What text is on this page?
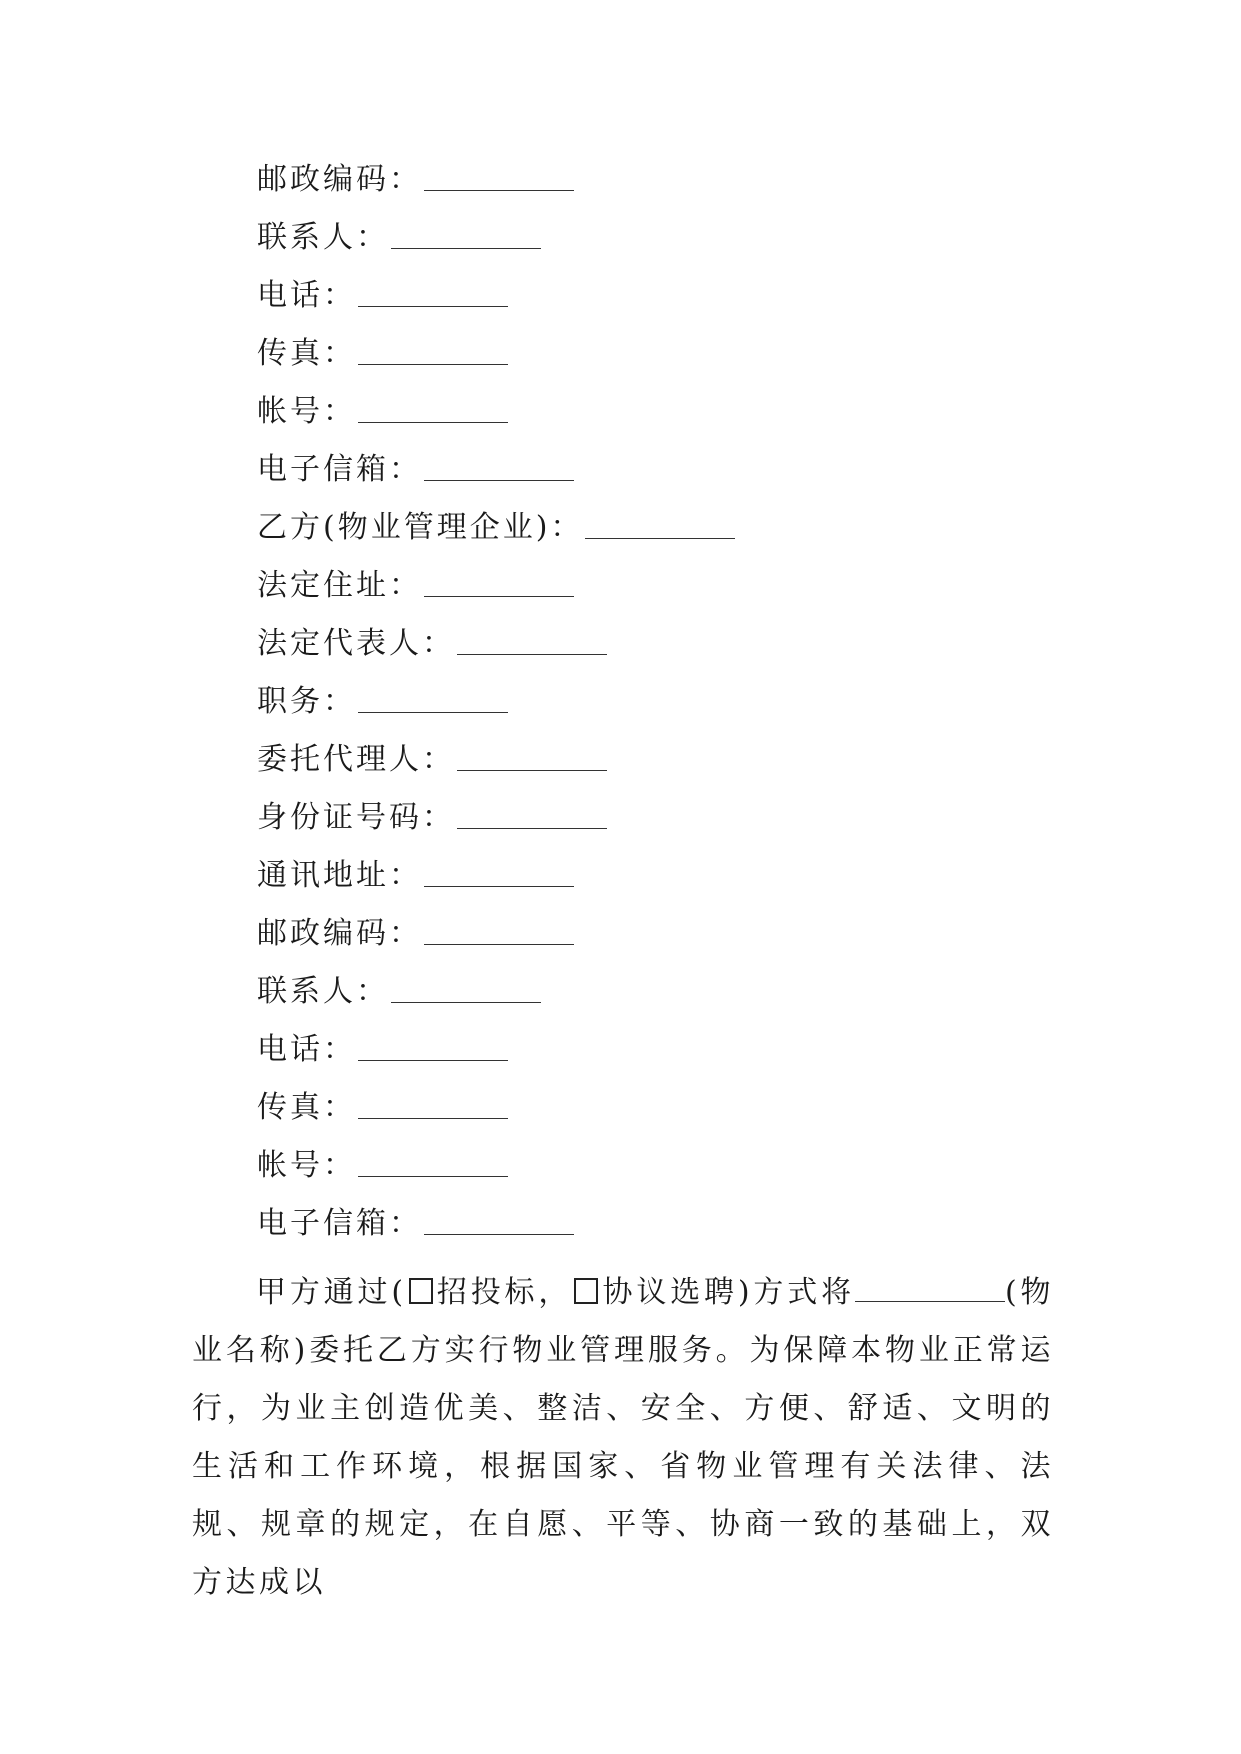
邮政编码：
联系人：
电话：
传真：
帐号：
电子信箱：
乙方(物业管理企业)：
法定住址：
法定代表人：
职务：
委托代理人：
身份证号码：
通讯地址：
邮政编码：
联系人：
电话：
传真：
帐号：
电子信箱：

甲方通过( 招投标， 协议选聘)方式将	(物业名称)委托乙方实行物业管理服务。为保障本物业正常运行，为业主创造优美、整洁、安全、方便、舒适、文明的生活和工作环境，根据国家、省物业管理有关法律、法规、规章的规定，在自愿、平等、协商一致的基础上，双方达成以
